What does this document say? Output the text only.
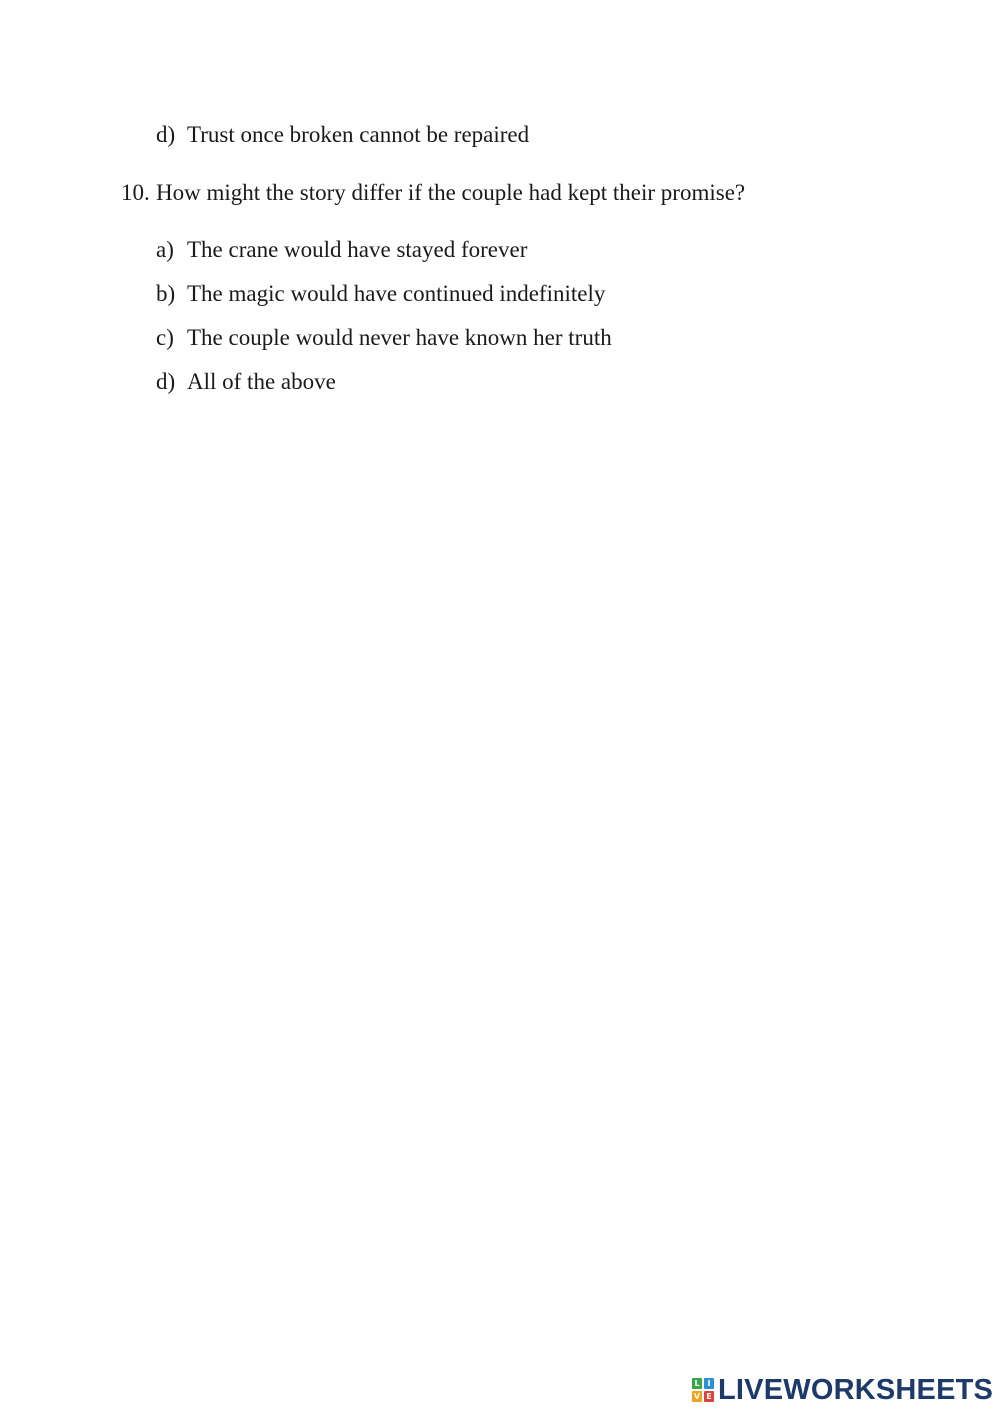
d) Trust once broken cannot be repaired
10. How might the story differ if the couple had kept their promise?
a) The crane would have stayed forever
b) The magic would have continued indefinitely
c) The couple would never have known her truth
d) All of the above
L I
V E LIVEWORKSHEETS
